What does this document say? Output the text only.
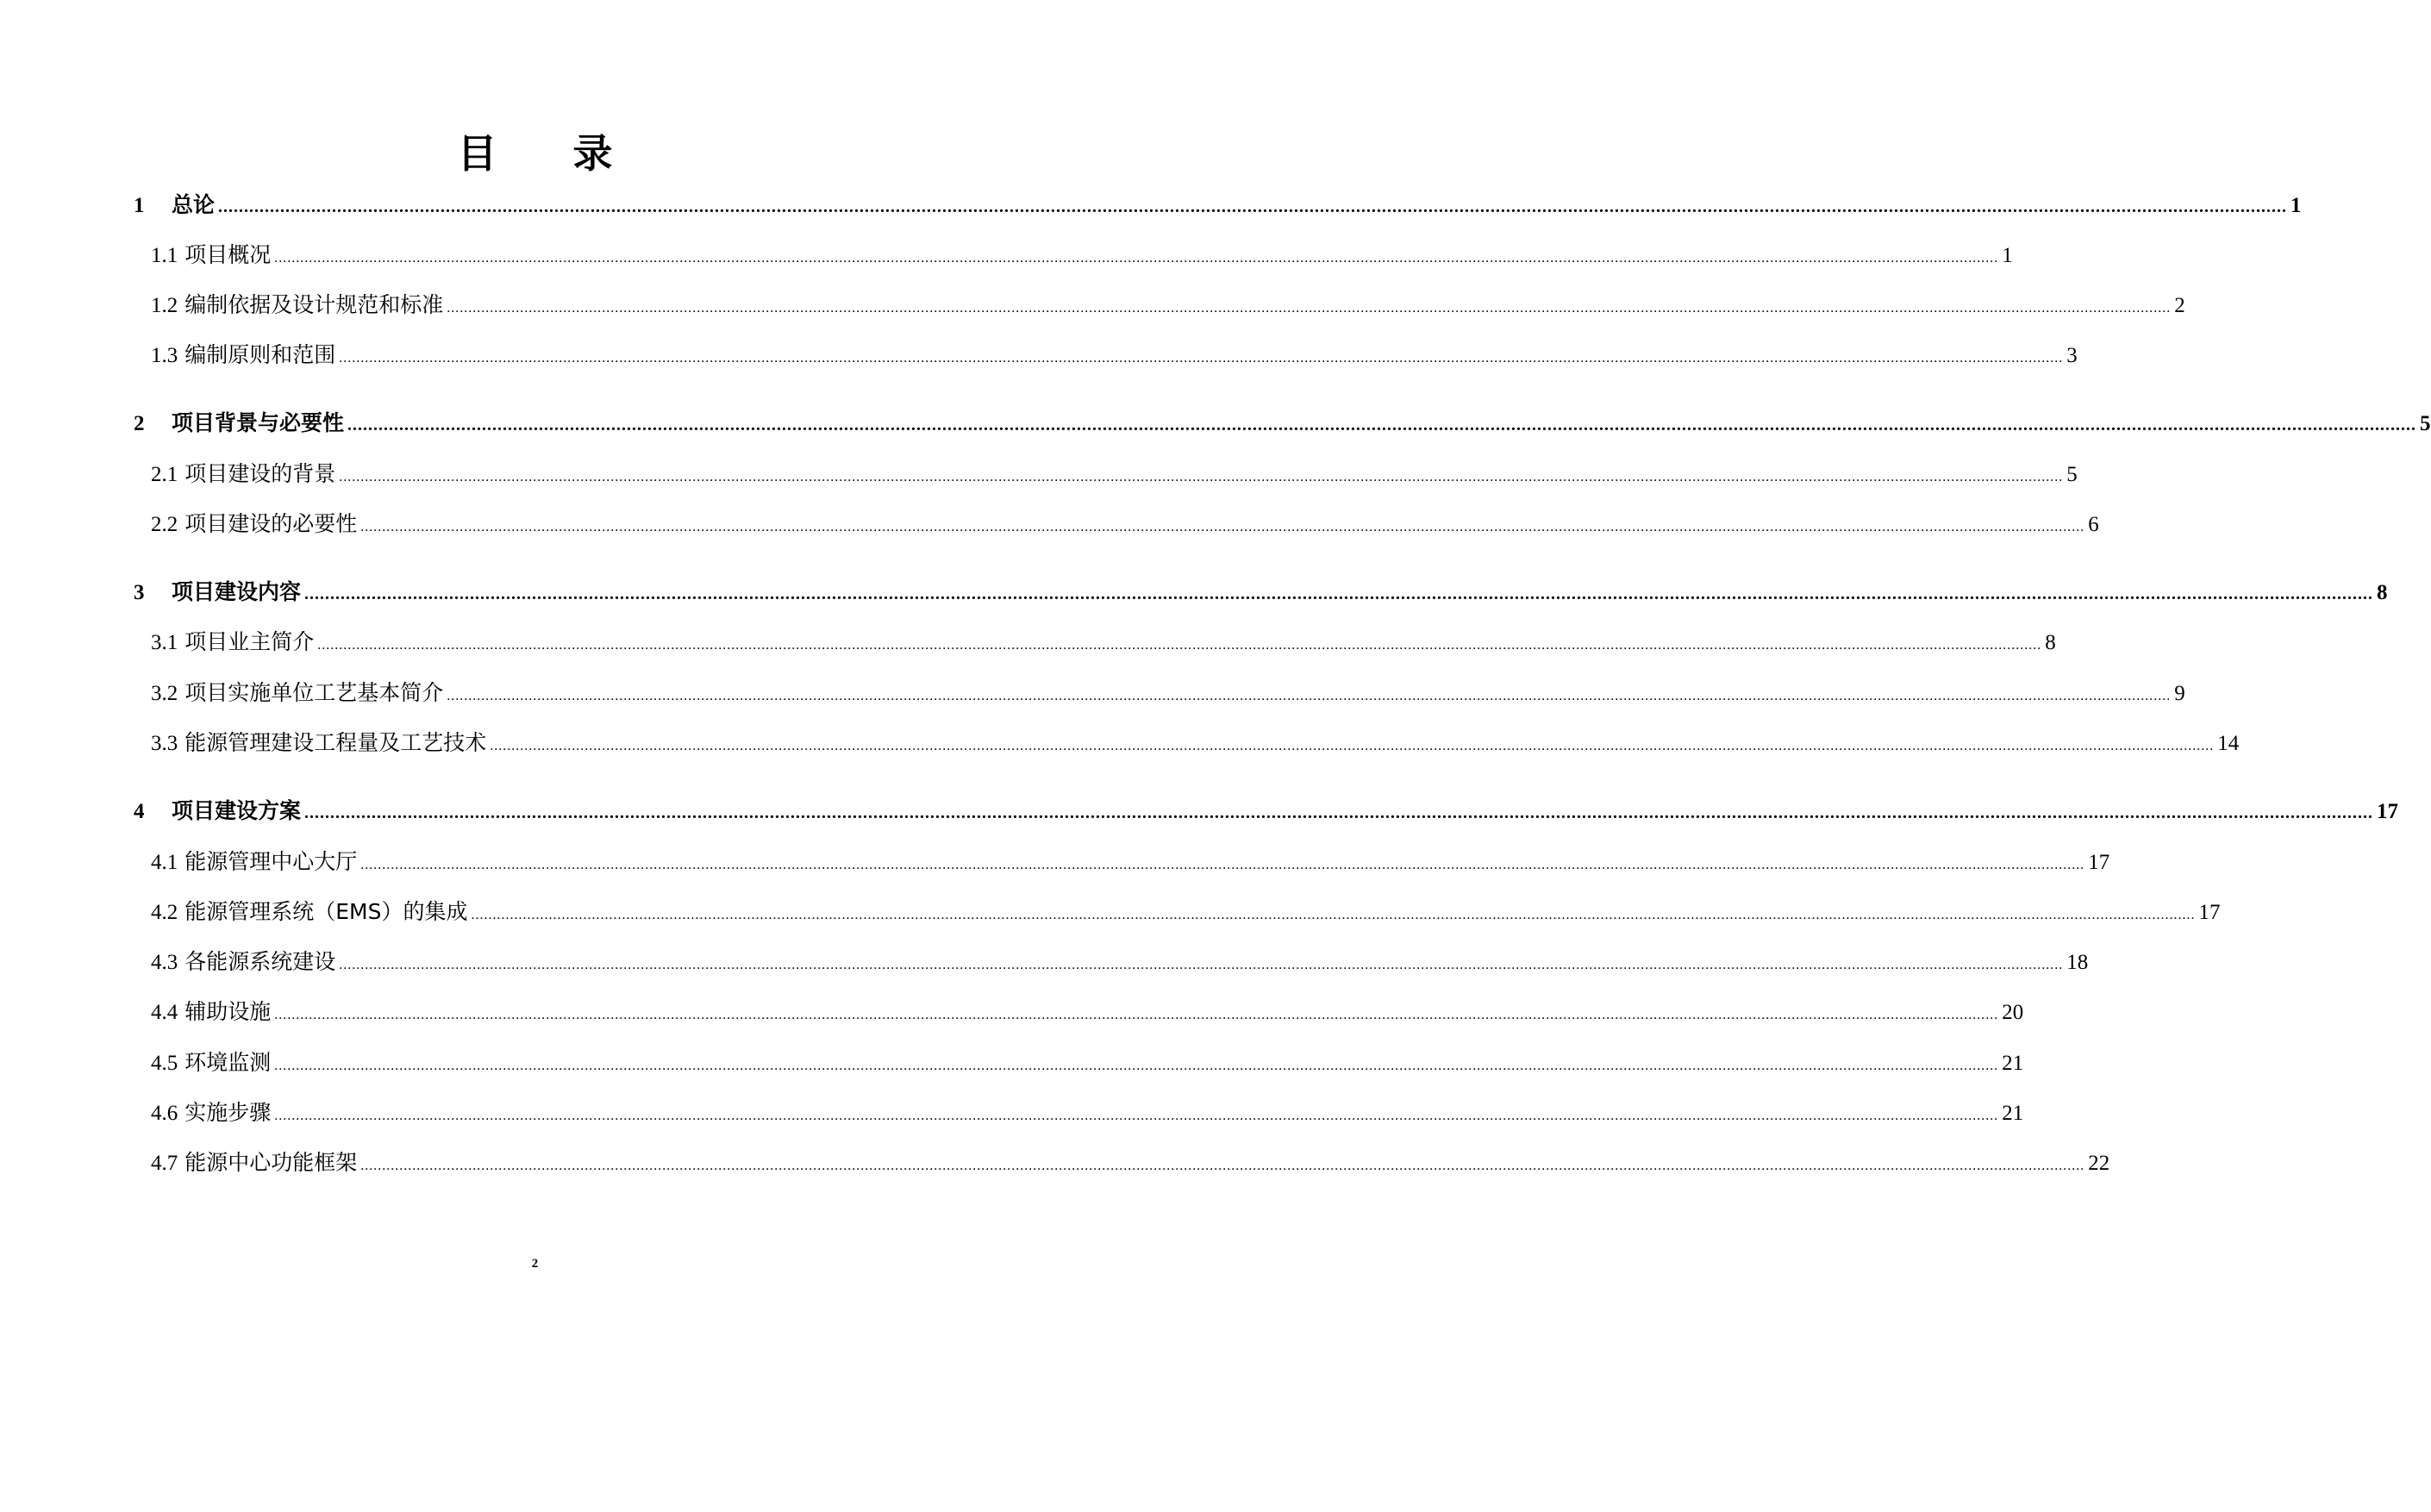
目 录
1	总论 ................................................................................................................................................................................................................................................................................................................................................................................................................ 1
1.1 项目概况 ................................................................................................................................................................................................................................................................................................................................................................................................................ 1
1.2 编制依据及设计规范和标准 ................................................................................................................................................................................................................................................................................................................................................................................................................ 2
1.3 编制原则和范围 ................................................................................................................................................................................................................................................................................................................................................................................................................ 3
2	项目背景与必要性 ................................................................................................................................................................................................................................................................................................................................................................................................................ 5
2.1 项目建设的背景 ................................................................................................................................................................................................................................................................................................................................................................................................................ 5
2.2 项目建设的必要性 ................................................................................................................................................................................................................................................................................................................................................................................................................ 6
3	项目建设内容 ................................................................................................................................................................................................................................................................................................................................................................................................................ 8
3.1 项目业主简介 ................................................................................................................................................................................................................................................................................................................................................................................................................ 8
3.2 项目实施单位工艺基本简介 ................................................................................................................................................................................................................................................................................................................................................................................................................ 9
3.3 能源管理建设工程量及工艺技术 ................................................................................................................................................................................................................................................................................................................................................................................................................ 14
4	项目建设方案 ................................................................................................................................................................................................................................................................................................................................................................................................................ 17
4.1 能源管理中心大厅 ................................................................................................................................................................................................................................................................................................................................................................................................................ 17
4.2 能源管理系统（EMS）的集成 ................................................................................................................................................................................................................................................................................................................................................................................................................ 17
4.3 各能源系统建设 ................................................................................................................................................................................................................................................................................................................................................................................................................ 18
4.4 辅助设施 ................................................................................................................................................................................................................................................................................................................................................................................................................ 20
4.5 环境监测 ................................................................................................................................................................................................................................................................................................................................................................................................................ 21
4.6 实施步骤 ................................................................................................................................................................................................................................................................................................................................................................................................................ 21
4.7 能源中心功能框架 ................................................................................................................................................................................................................................................................................................................................................................................................................ 22
2
